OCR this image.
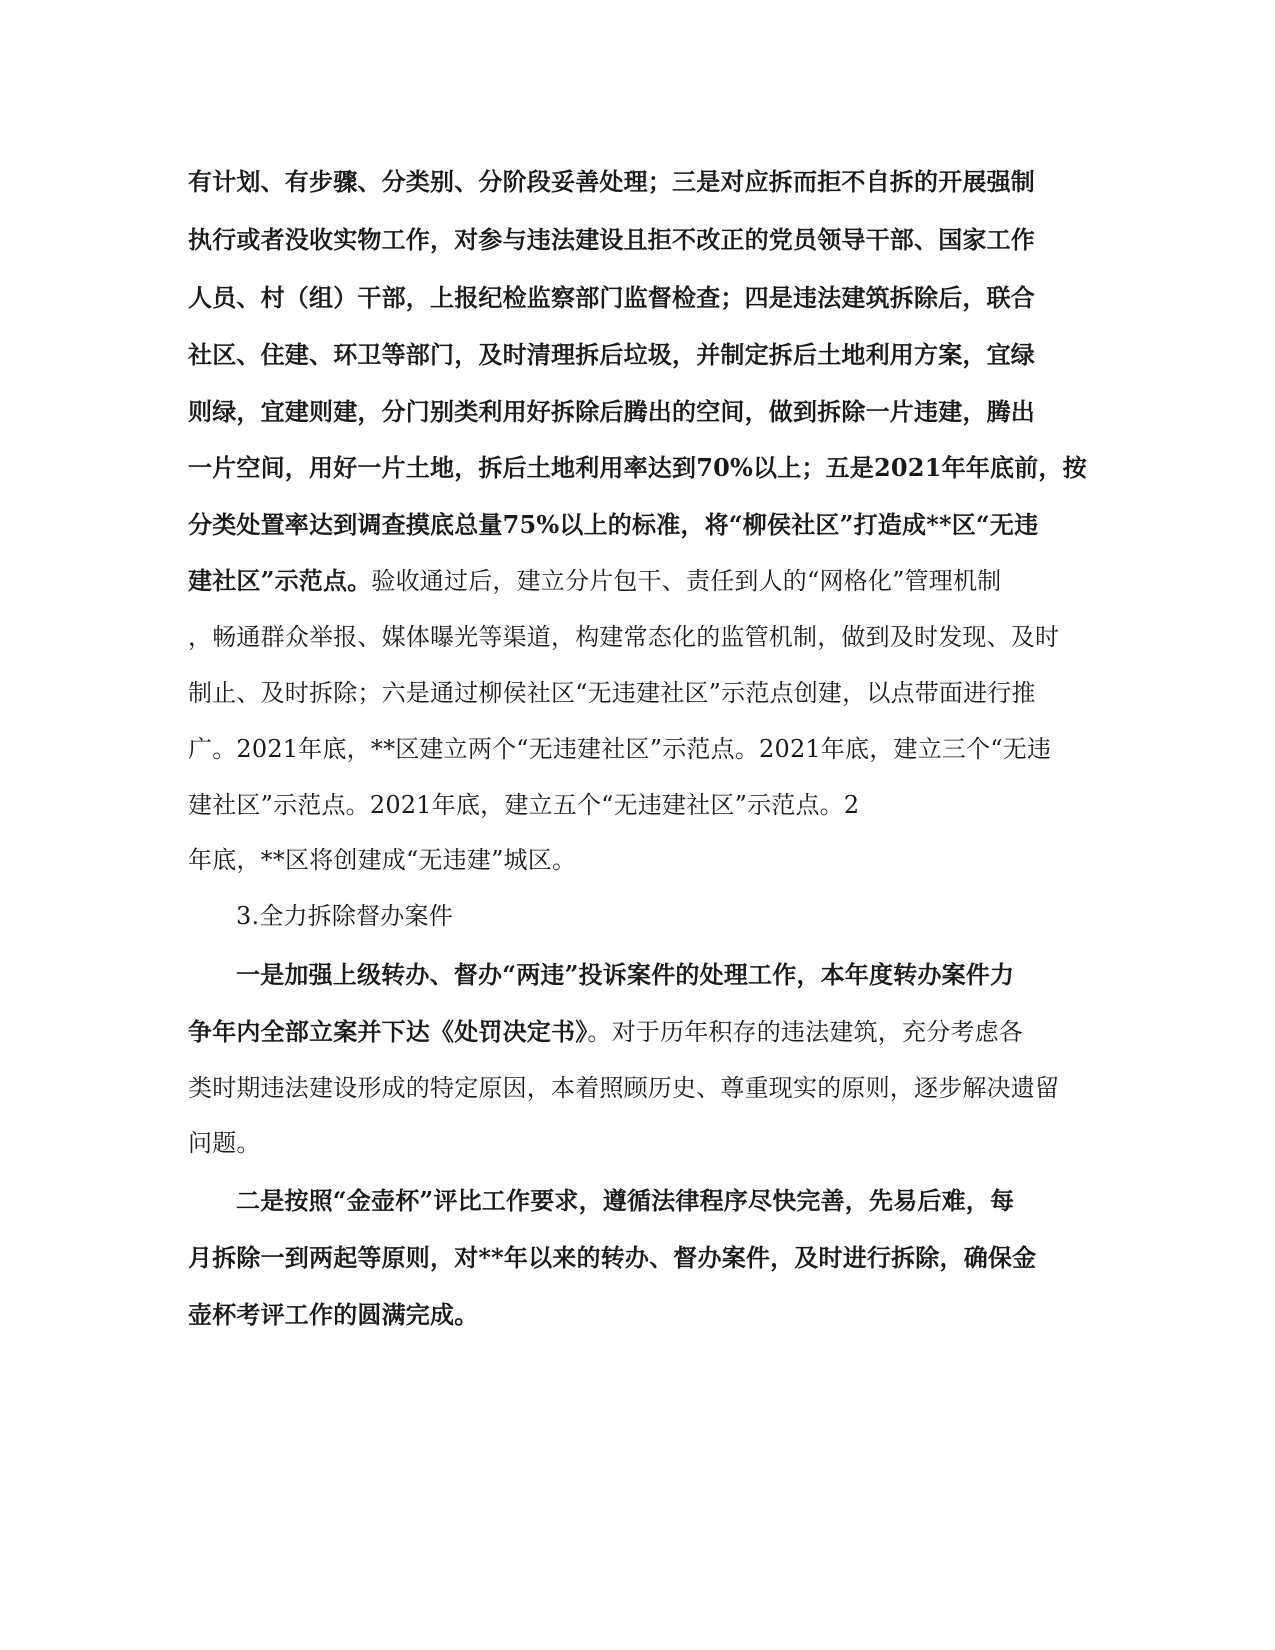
有计划、有步骤、分类别、分阶段妥善处理；三是对应拆而拒不自拆的开展强制
执行或者没收实物工作，对参与违法建设且拒不改正的党员领导干部、国家工作
人员、村（组）干部，上报纪检监察部门监督检查；四是违法建筑拆除后，联合
社区、住建、环卫等部门，及时清理拆后垃圾，并制定拆后土地利用方案，宜绿
则绿，宜建则建，分门别类利用好拆除后腾出的空间，做到拆除一片违建，腾出
一片空间，用好一片土地，拆后土地利用率达到70%以上；五是2021年年底前，按
分类处置率达到调查摸底总量75%以上的标准，将“柳侯社区”打造成**区“无违
建社区”示范点。验收通过后，建立分片包干、责任到人的“网格化”管理机制
，畅通群众举报、媒体曝光等渠道，构建常态化的监管机制，做到及时发现、及时
制止、及时拆除；六是通过柳侯社区“无违建社区”示范点创建，以点带面进行推
广。2021年底，**区建立两个“无违建社区”示范点。2021年底，建立三个“无违
建社区”示范点。2021年底，建立五个“无违建社区”示范点。2
年底，**区将创建成“无违建”城区。
3.全力拆除督办案件
一是加强上级转办、督办“两违”投诉案件的处理工作，本年度转办案件力
争年内全部立案并下达《处罚决定书》。对于历年积存的违法建筑，充分考虑各
类时期违法建设形成的特定原因，本着照顾历史、尊重现实的原则，逐步解决遗留
问题。
二是按照“金壶杯”评比工作要求，遵循法律程序尽快完善，先易后难，每
月拆除一到两起等原则，对**年以来的转办、督办案件，及时进行拆除，确保金
壶杯考评工作的圆满完成。
